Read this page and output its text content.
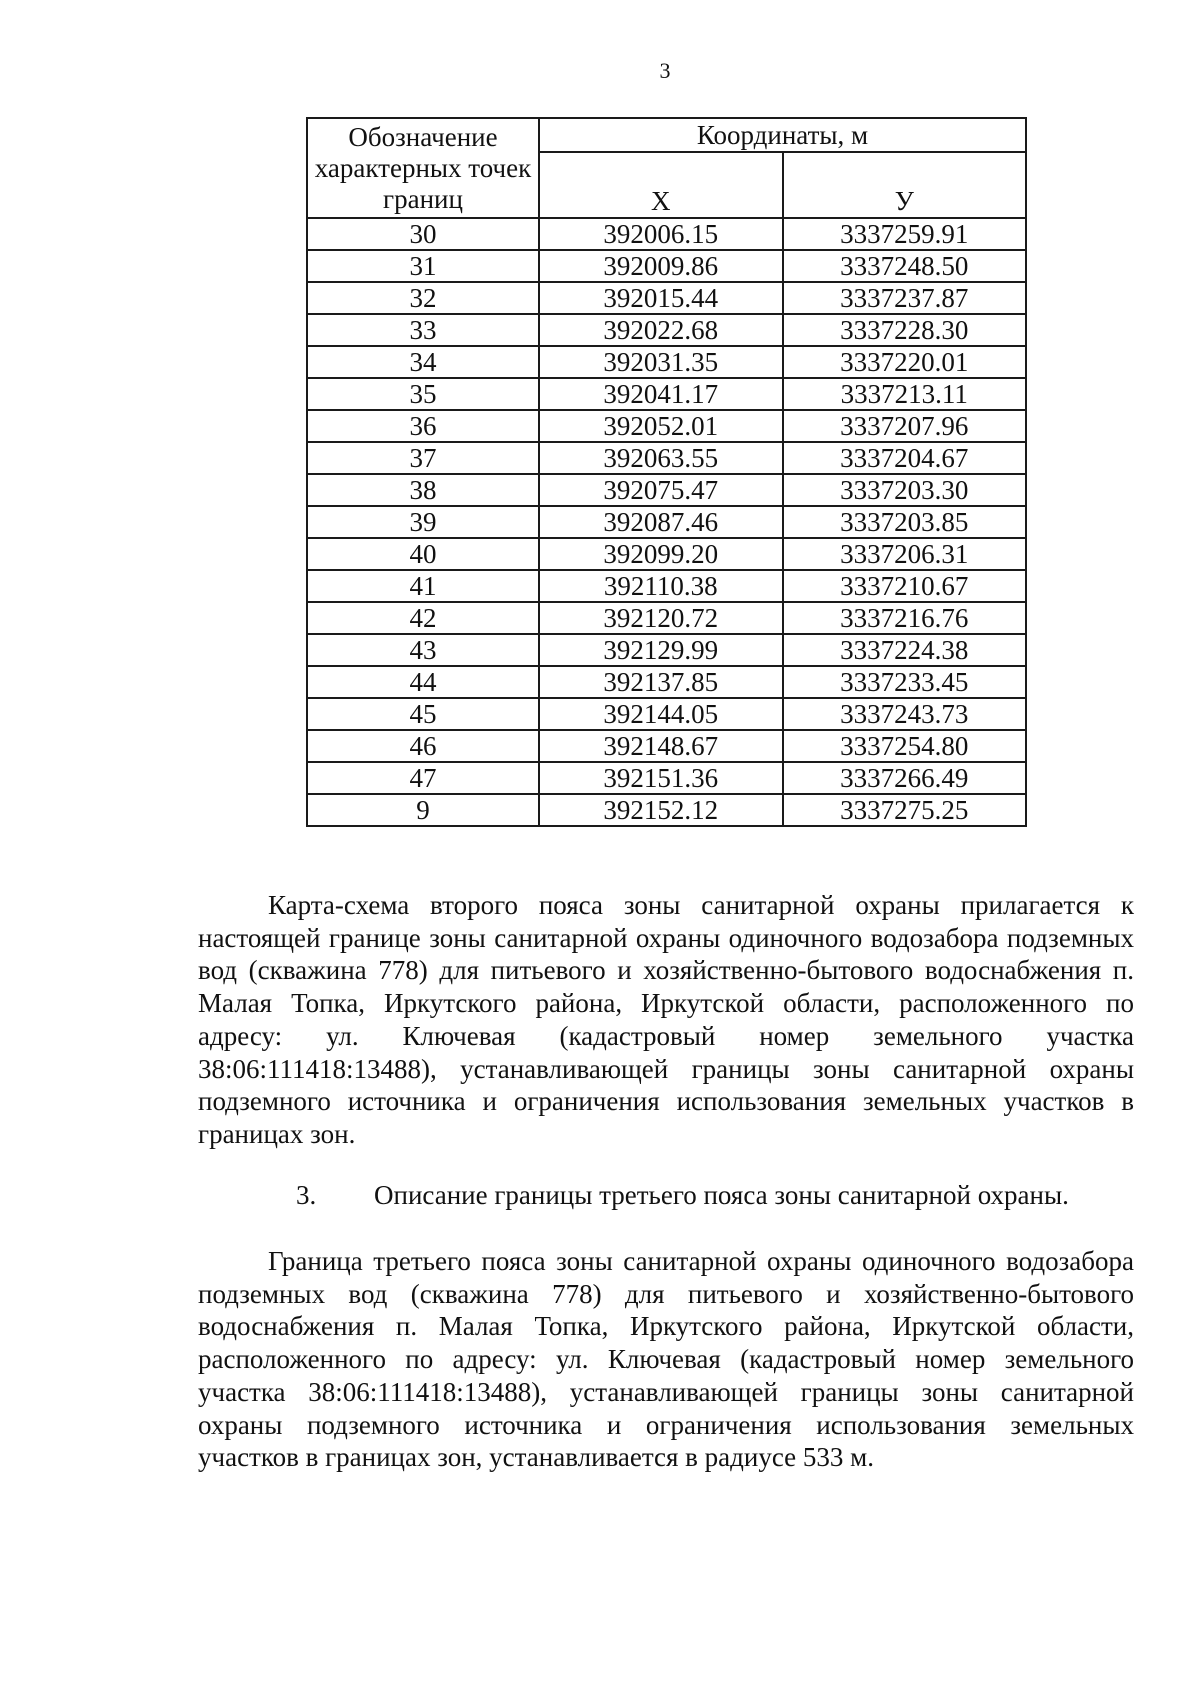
3
Обозначение характерных точек границ	Координаты, м	
	X	У
30	392006.15	3337259.91
31	392009.86	3337248.50
32	392015.44	3337237.87
33	392022.68	3337228.30
34	392031.35	3337220.01
35	392041.17	3337213.11
36	392052.01	3337207.96
37	392063.55	3337204.67
38	392075.47	3337203.30
39	392087.46	3337203.85
40	392099.20	3337206.31
41	392110.38	3337210.67
42	392120.72	3337216.76
43	392129.99	3337224.38
44	392137.85	3337233.45
45	392144.05	3337243.73
46	392148.67	3337254.80
47	392151.36	3337266.49
9	392152.12	3337275.25

Карта-схема второго пояса зоны санитарной охраны прилагается к настоящей границе зоны санитарной охраны одиночного водозабора подземных вод (скважина 778) для питьевого и хозяйственно-бытового водоснабжения п. Малая Топка, Иркутского района, Иркутской области, расположенного по адресу: ул. Ключевая (кадастровый номер земельного участка 38:06:111418:13488), устанавливающей границы зоны санитарной охраны подземного источника и ограничения использования земельных участков в границах зон.

3. Описание границы третьего пояса зоны санитарной охраны.

Граница третьего пояса зоны санитарной охраны одиночного водозабора подземных вод (скважина 778) для питьевого и хозяйственно-бытового водоснабжения п. Малая Топка, Иркутского района, Иркутской области, расположенного по адресу: ул. Ключевая (кадастровый номер земельного участка 38:06:111418:13488), устанавливающей границы зоны санитарной охраны подземного источника и ограничения использования земельных участков в границах зон, устанавливается в радиусе 533 м.
